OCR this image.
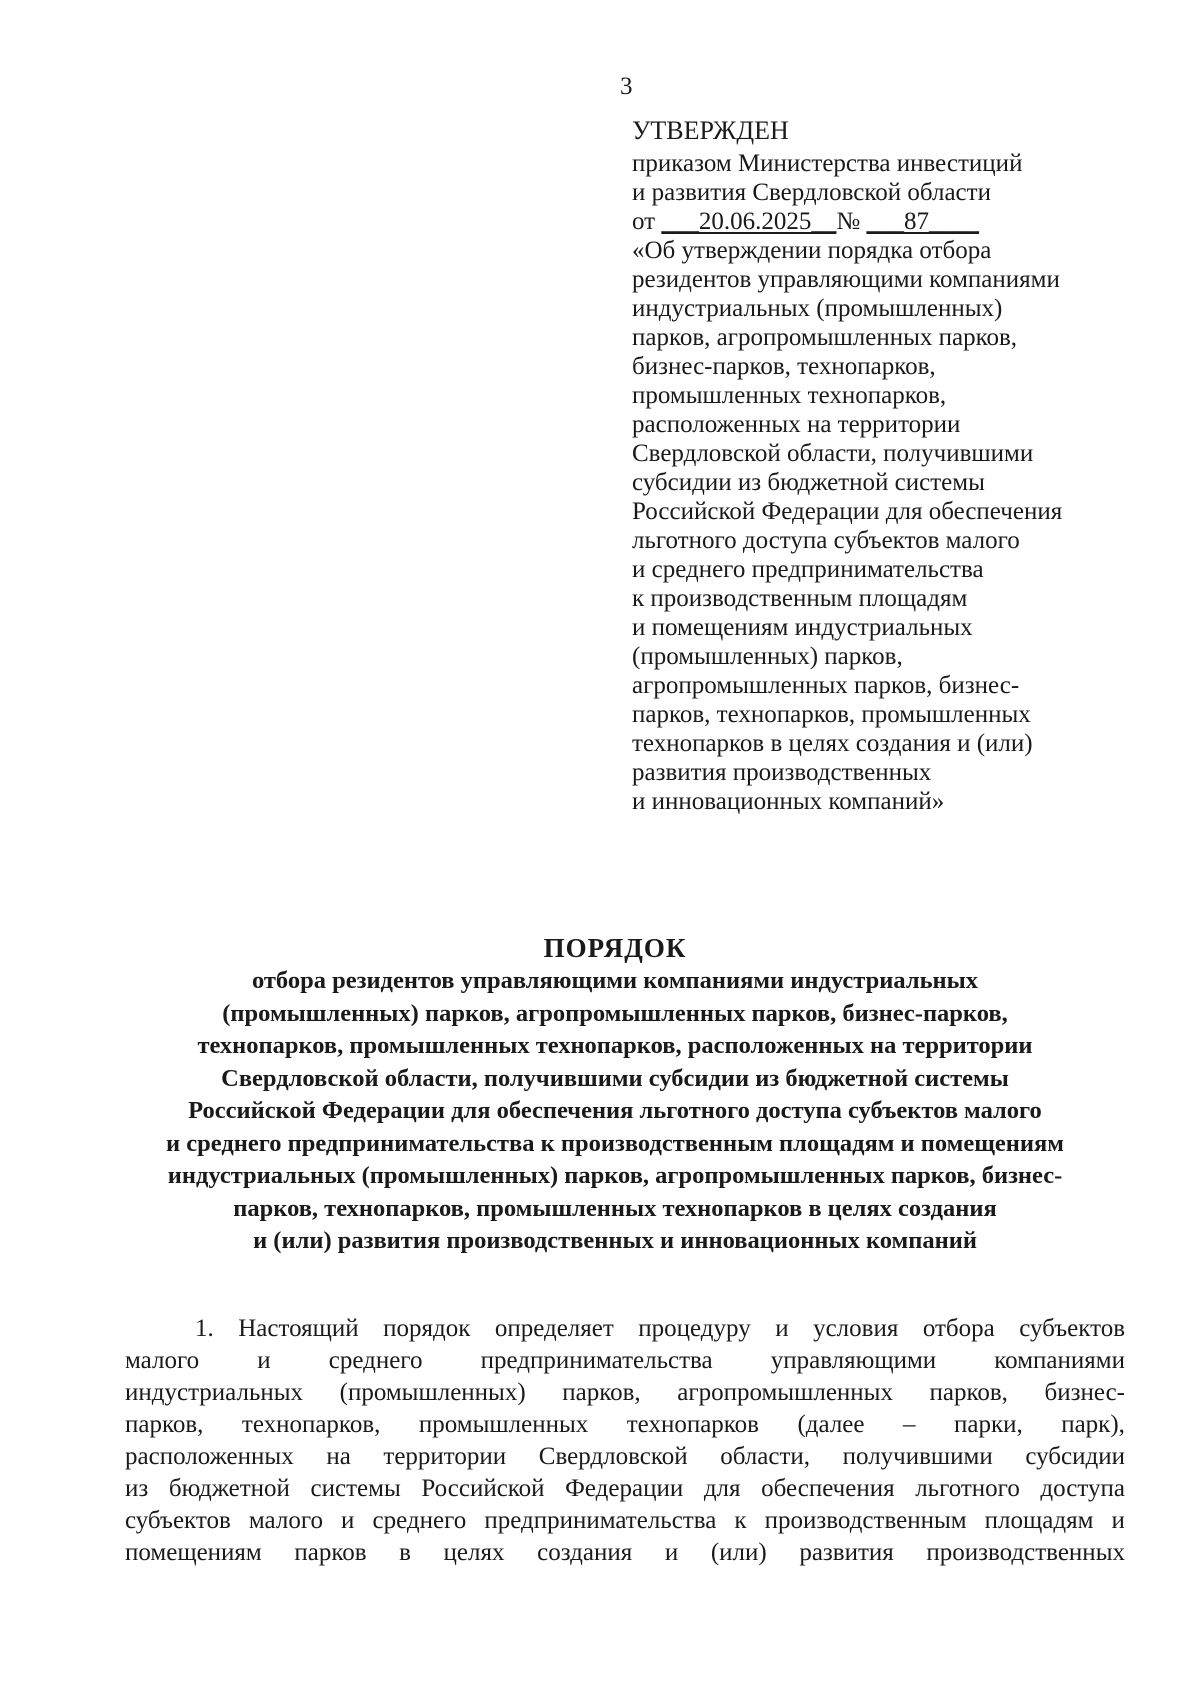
3
УТВЕРЖДЕН
приказом Министерства инвестиций
и развития Свердловской области
от ___20.06.2025__№ ___87____
«Об утверждении порядка отбора
резидентов управляющими компаниями
индустриальных (промышленных)
парков, агропромышленных парков,
бизнес-парков, технопарков,
промышленных технопарков,
расположенных на территории
Свердловской области, получившими
субсидии из бюджетной системы
Российской Федерации для обеспечения
льготного доступа субъектов малого
и среднего предпринимательства
к производственным площадям
и помещениям индустриальных
(промышленных) парков,
агропромышленных парков, бизнес-
парков, технопарков, промышленных
технопарков в целях создания и (или)
развития производственных
и инновационных компаний»
ПОРЯДОК
отбора резидентов управляющими компаниями индустриальных
(промышленных) парков, агропромышленных парков, бизнес-парков,
технопарков, промышленных технопарков, расположенных на территории
Свердловской области, получившими субсидии из бюджетной системы
Российской Федерации для обеспечения льготного доступа субъектов малого
и среднего предпринимательства к производственным площадям и помещениям
индустриальных (промышленных) парков, агропромышленных парков, бизнес-
парков, технопарков, промышленных технопарков в целях создания
и (или) развития производственных и инновационных компаний
1. Настоящий порядок определяет процедуру и условия отбора субъектов
малого и среднего предпринимательства управляющими компаниями
индустриальных (промышленных) парков, агропромышленных парков, бизнес-
парков, технопарков, промышленных технопарков (далее – парки, парк),
расположенных на территории Свердловской области, получившими субсидии
из бюджетной системы Российской Федерации для обеспечения льготного доступа
субъектов малого и среднего предпринимательства к производственным площадям и
помещениям парков в целях создания и (или) развития производственных
